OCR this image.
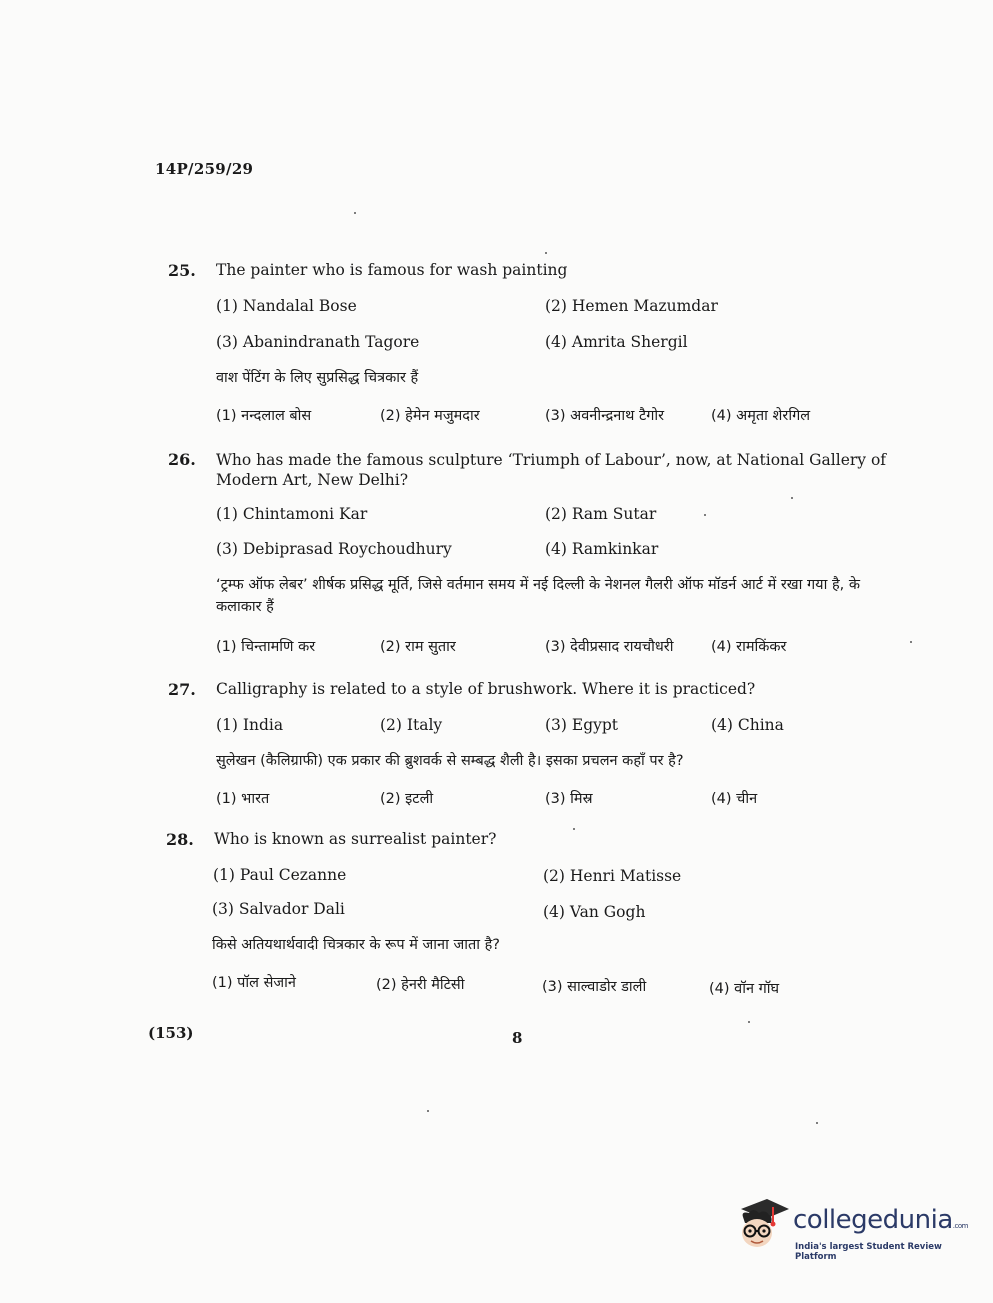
14P/259/29
25. The painter who is famous for wash painting
(1) Nandalal Bose	(2) Hemen Mazumdar
(3) Abanindranath Tagore	(4) Amrita Shergil
वाश पेंटिंग के लिए सुप्रसिद्ध चित्रकार हैं
(1) नन्दलाल बोस	(2) हेमेन मजुमदार	(3) अवनीन्द्रनाथ टैगोर	(4) अमृता शेरगिल
26. Who has made the famous sculpture ‘Triumph of Labour’, now, at National Gallery of Modern Art, New Delhi?
(1) Chintamoni Kar	(2) Ram Sutar
(3) Debiprasad Roychoudhury	(4) Ramkinkar
‘ट्रम्फ ऑफ लेबर’ शीर्षक प्रसिद्ध मूर्ति, जिसे वर्तमान समय में नई दिल्ली के नेशनल गैलरी ऑफ मॉडर्न आर्ट में रखा गया है, के कलाकार हैं
(1) चिन्तामणि कर	(2) राम सुतार	(3) देवीप्रसाद रायचौधरी	(4) रामकिंकर
27. Calligraphy is related to a style of brushwork. Where it is practiced?
(1) India	(2) Italy	(3) Egypt	(4) China
सुलेखन (कैलिग्राफी) एक प्रकार की ब्रुशवर्क से सम्बद्ध शैली है। इसका प्रचलन कहाँ पर है?
(1) भारत	(2) इटली	(3) मिस्र	(4) चीन
28. Who is known as surrealist painter?
(1) Paul Cezanne	(2) Henri Matisse
(3) Salvador Dali	(4) Van Gogh
किसे अतियथार्थवादी चित्रकार के रूप में जाना जाता है?
(1) पॉल सेजाने	(2) हेनरी मैटिसी	(3) साल्वाडोर डाली	(4) वॉन गॉघ
(153)	8
collegedunia.com
India's largest Student Review Platform
